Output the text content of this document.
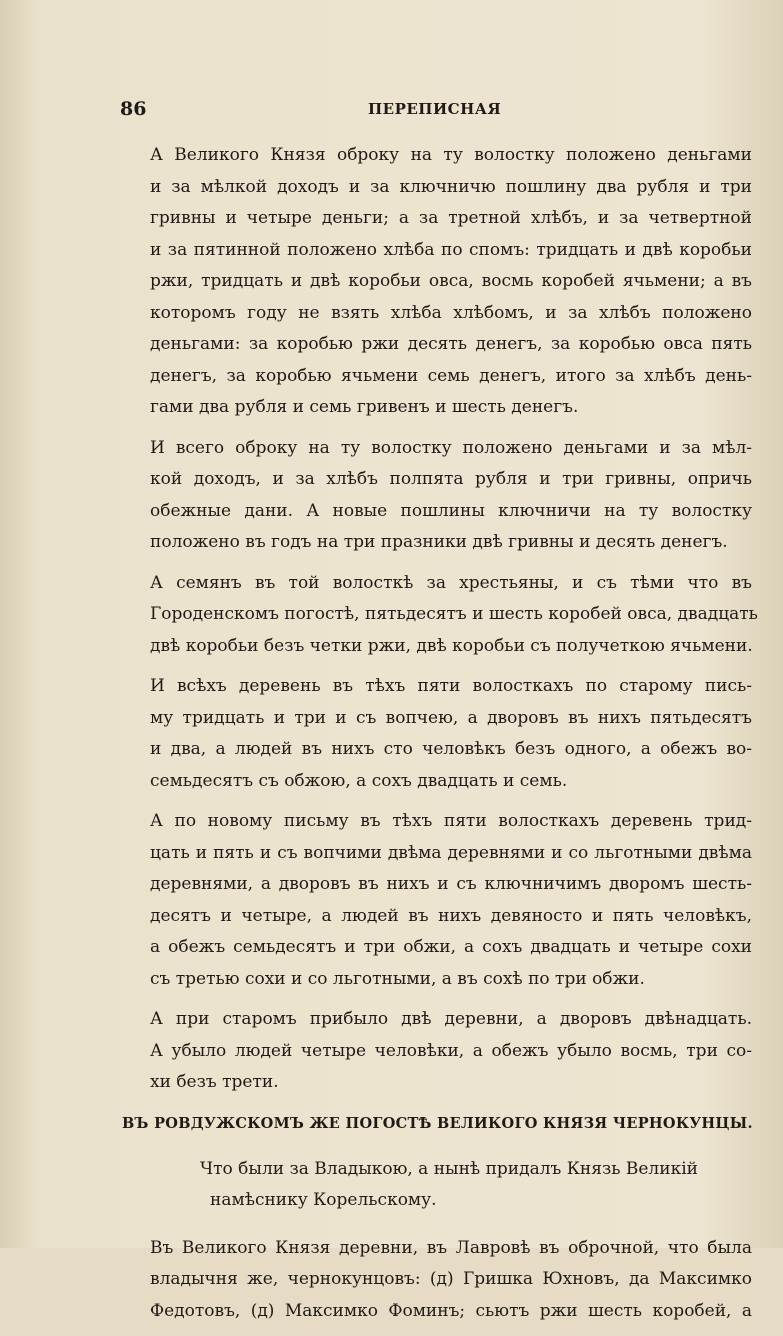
86	ПЕРЕПИСНАЯ

А Великого Князя оброку на ту волостку положено деньгами
и за мѣлкой доходъ и за ключничю пошлину два рубля и три
гривны и четыре деньги; а за третной хлѣбъ, и за четвертной
и за пятинной положено хлѣба по спомъ: тридцать и двѣ коробьи
ржи, тридцать и двѣ коробьи овса, восмь коробей ячьмени; а въ
которомъ году не взять хлѣба хлѣбомъ, и за хлѣбъ положено
деньгами: за коробью ржи десять денегъ, за коробью овса пять
денегъ, за коробью ячьмени семь денегъ, итого за хлѣбъ день-
гами два рубля и семь гривенъ и шесть денегъ.

И всего оброку на ту волостку положено деньгами и за мѣл-
кой доходъ, и за хлѣбъ полпята рубля и три гривны, опричь
обежные дани. А новые пошлины ключничи на ту волостку
положено въ годъ на три празники двѣ гривны и десять денегъ.

А семянъ въ той волосткѣ за хрестьяны, и съ тѣми что въ
Городенскомъ погостѣ, пятьдесятъ и шесть коробей овса, двадцать
двѣ коробьи безъ четки ржи, двѣ коробьи съ получеткою ячьмени.

И всѣхъ деревень въ тѣхъ пяти волосткахъ по старому пись-
му тридцать и три и съ вопчею, а дворовъ въ нихъ пятьдесятъ
и два, а людей въ нихъ сто человѣкъ безъ одного, а обежъ во-
семьдесятъ съ обжою, а сохъ двадцать и семь.

А по новому письму въ тѣхъ пяти волосткахъ деревень трид-
цать и пять и съ вопчими двѣма деревнями и со льготными двѣма
деревнями, а дворовъ въ нихъ и съ ключничимъ дворомъ шесть-
десятъ и четыре, а людей въ нихъ девяносто и пять человѣкъ,
а обежъ семьдесятъ и три обжи, а сохъ двадцать и четыре сохи
съ третью сохи и со льготными, а въ сохѣ по три обжи.

А при старомъ прибыло двѣ деревни, а дворовъ двѣнадцать.
А убыло людей четыре человѣки, а обежъ убыло восмь, три со-
хи безъ трети.

ВЪ РОВДУЖСКОМЪ ЖЕ ПОГОСТѢ ВЕЛИКОГО КНЯЗЯ ЧЕРНОКУНЦЫ.
Что были за Владыкою, а нынѣ придалъ Князь Великій
намѣснику Корельскому.

Въ Великого Князя деревни, въ Лавровѣ въ оброчной, что была
владычня же, чернокунцовъ: (д) Гришка Юхновъ, да Максимко
Федотовъ, (д) Максимко Фоминъ; сьютъ ржи шесть коробей, а
